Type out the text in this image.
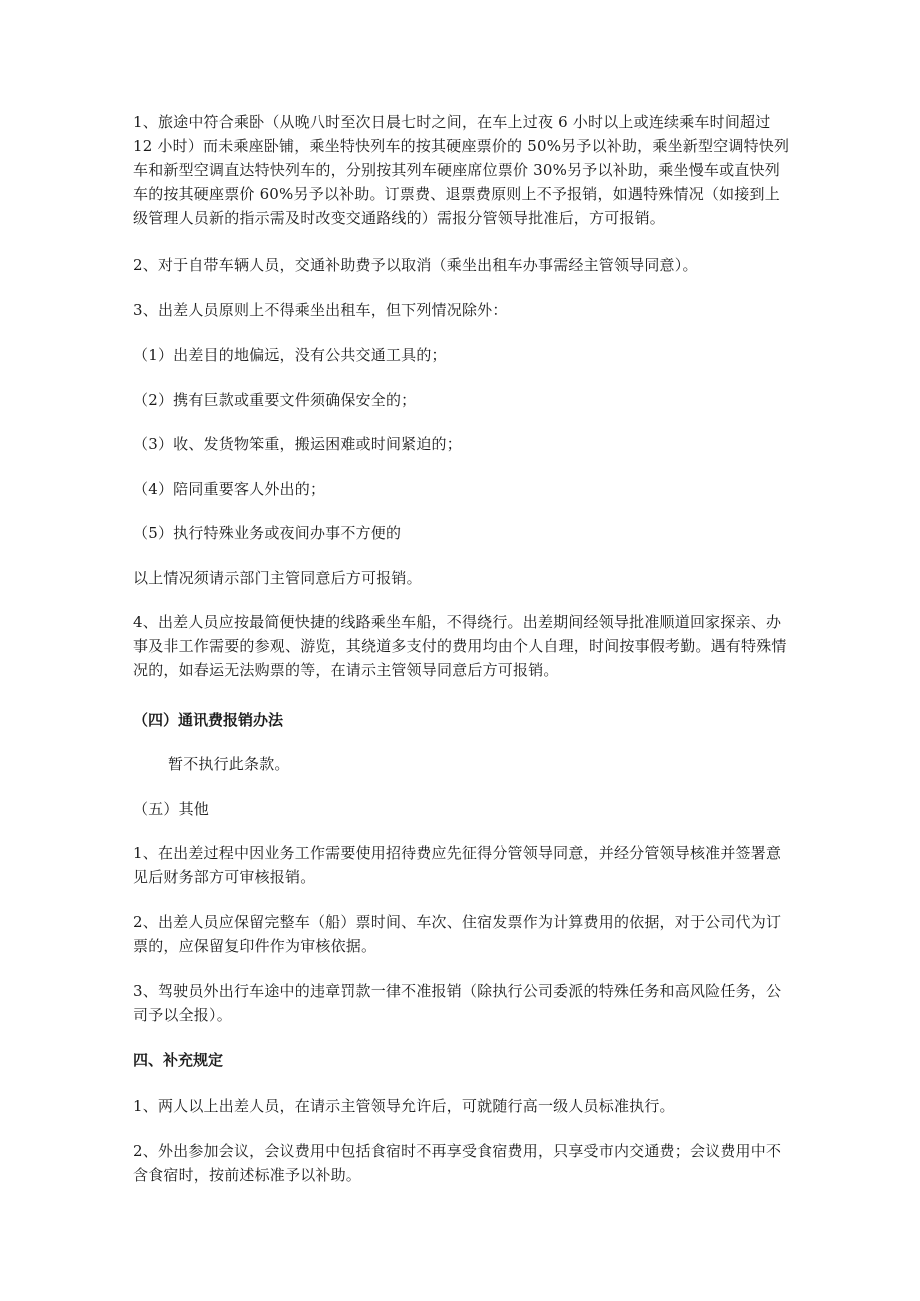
1、旅途中符合乘卧（从晚八时至次日晨七时之间，在车上过夜 6 小时以上或连续乘车时间超过 12 小时）而未乘座卧铺，乘坐特快列车的按其硬座票价的 50%另予以补助，乘坐新型空调特快列车和新型空调直达特快列车的，分别按其列车硬座席位票价 30%另予以补助，乘坐慢车或直快列车的按其硬座票价 60%另予以补助。订票费、退票费原则上不予报销，如遇特殊情况（如接到上级管理人员新的指示需及时改变交通路线的）需报分管领导批准后，方可报销。

2、对于自带车辆人员，交通补助费予以取消（乘坐出租车办事需经主管领导同意）。

3、出差人员原则上不得乘坐出租车，但下列情况除外：

（1）出差目的地偏远，没有公共交通工具的；

（2）携有巨款或重要文件须确保安全的；

（3）收、发货物笨重，搬运困难或时间紧迫的；

（4）陪同重要客人外出的；

（5）执行特殊业务或夜间办事不方便的

以上情况须请示部门主管同意后方可报销。

4、出差人员应按最简便快捷的线路乘坐车船，不得绕行。出差期间经领导批准顺道回家探亲、办事及非工作需要的参观、游览，其绕道多支付的费用均由个人自理，时间按事假考勤。遇有特殊情况的，如春运无法购票的等，在请示主管领导同意后方可报销。

（四）通讯费报销办法

暂不执行此条款。

（五）其他

1、在出差过程中因业务工作需要使用招待费应先征得分管领导同意，并经分管领导核准并签署意见后财务部方可审核报销。

2、出差人员应保留完整车（船）票时间、车次、住宿发票作为计算费用的依据，对于公司代为订票的，应保留复印件作为审核依据。

3、驾驶员外出行车途中的违章罚款一律不准报销（除执行公司委派的特殊任务和高风险任务，公司予以全报）。

四、补充规定

1、两人以上出差人员，在请示主管领导允许后，可就随行高一级人员标准执行。

2、外出参加会议，会议费用中包括食宿时不再享受食宿费用，只享受市内交通费；会议费用中不含食宿时，按前述标准予以补助。
